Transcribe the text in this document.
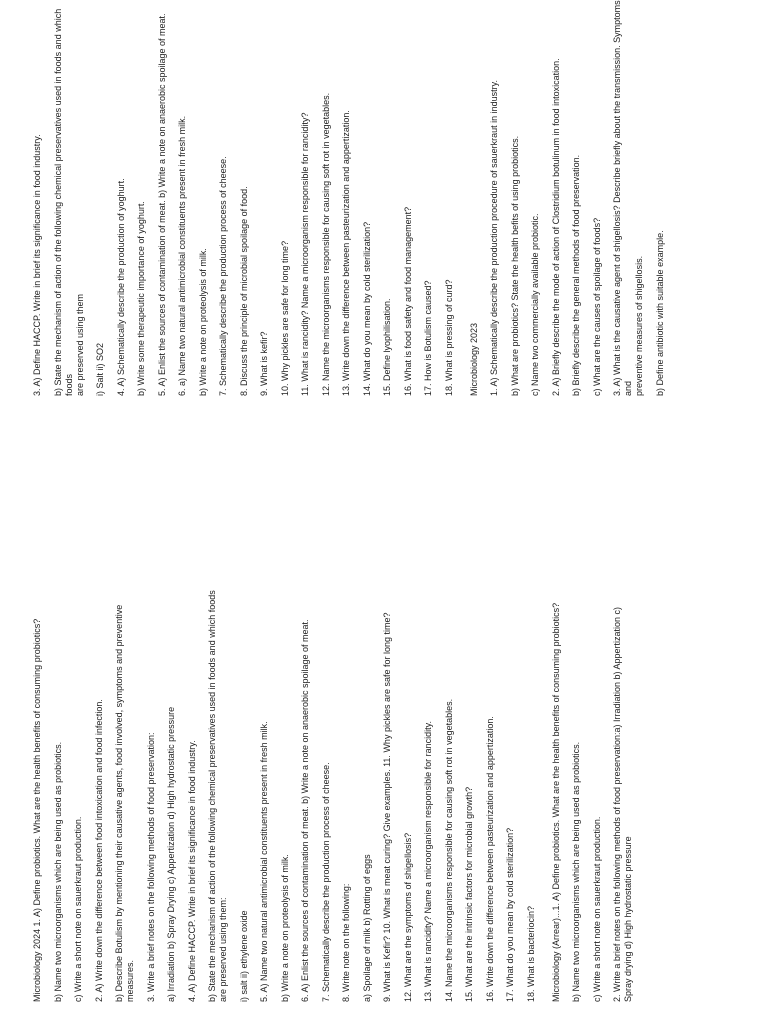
Microbiology 2024 1. A) Define probiotics. What are the health benefits of consuming probiotics? b) Name two microorganisms which are being used as probiotics. c) Write a short note on sauerkraut production. 2. A) Write down the difference between food intoxication and food infection. b) Describe Botulism by mentioning their causative agents, food involved, symptoms and preventive
measures. 3. Write a brief notes on the following methods of food preservation: a) Irradiation b) Spray Drying c) Appertization d) High hydrostatic pressure 4. A) Define HACCP. Write in brief its significance in food industry. b) State the mechanism of action of the following chemical preservatives used in foods and which foods
are preserved using them:
i) salt ii) ethylene oxide 5. A) Name two natural antimicrobial constituents present in fresh milk. b) Write a note on proteolysis of milk. 6. A) Enlist the sources of contamination of meat. b) Write a note on anaerobic spoilage of meat. 7. Schematically describe the production process of cheese. 8. Write note on the following: a) Spoilage of milk b) Rotting of eggs 9. What is Kefir? 10. What is meat curing? Give examples. 11. Why pickles are safe for long time? 12. What are the symptoms of shigellosis? 13. What is rancidity? Name a microorganism responsible for rancidity. 14. Name the microorganisms responsible for causing soft rot in vegetables. 15. What are the intrinsic factors for microbial growth? 16. Write down the difference between pasteurization and appertization. 17. What do you mean by cold sterilization? 18. What is bacteriocin? Microbiology (Arrear)...1. A) Define probiotics. What are the health benefits of consuming probiotics? b) Name two microorganisms which are being used as probiotics. c) Write a short note on sauerkraut production. 2. Write a brief notes on the following methods of food preservation:a) Irradiation b) Appertization c)
Spray drying d) High hydrostatic pressure
3. A) Define HACCP. Write in brief its significance in food industry. b) State the mechanism of action of the following chemical preservatives used in foods and which foods
are preserved using them
i) Salt ii) SO2 4. A) Schematically describe the production of yoghurt. b) Write some therapeutic importance of yoghurt. 5. A) Enlist the sources of contamination of meat. b) Write a note on anaerobic spoilage of meat. 6. a) Name two natural antimicrobial constituents present in fresh milk. b) Write a note on proteolysis of milk. 7. Schematically describe the production process of cheese. 8. Discuss the principle of microbial spoilage of food. 9. What is kefir? 10. Why pickles are safe for long time? 11. What is rancidity? Name a microorganism responsible for rancidity? 12. Name the microorganisms responsible for causing soft rot in vegetables. 13. Write down the difference between pasteurization and appertization. 14. What do you mean by cold sterilization? 15. Define lyophilisation. 16. What is food safety and food management? 17. How is Botulism caused? 18. What is pressing of curd? Microbiology 2023 1. A) Schematically describe the production procedure of sauerkraut in industry. b) What are probiotics? State the health befits of using probiotics. c) Name two commercially available probiotic. 2. A) Briefly describe the mode of action of Clostridium botulinum in food intoxication. b) Briefly describe the general methods of food preservation. c) What are the causes of spoilage of foods? 3. A) What is the causative agent of shigellosis? Describe briefly about the transmission. Symptoms and
preventive measures of shigellosis. b) Define antibiotic with suitable example.
